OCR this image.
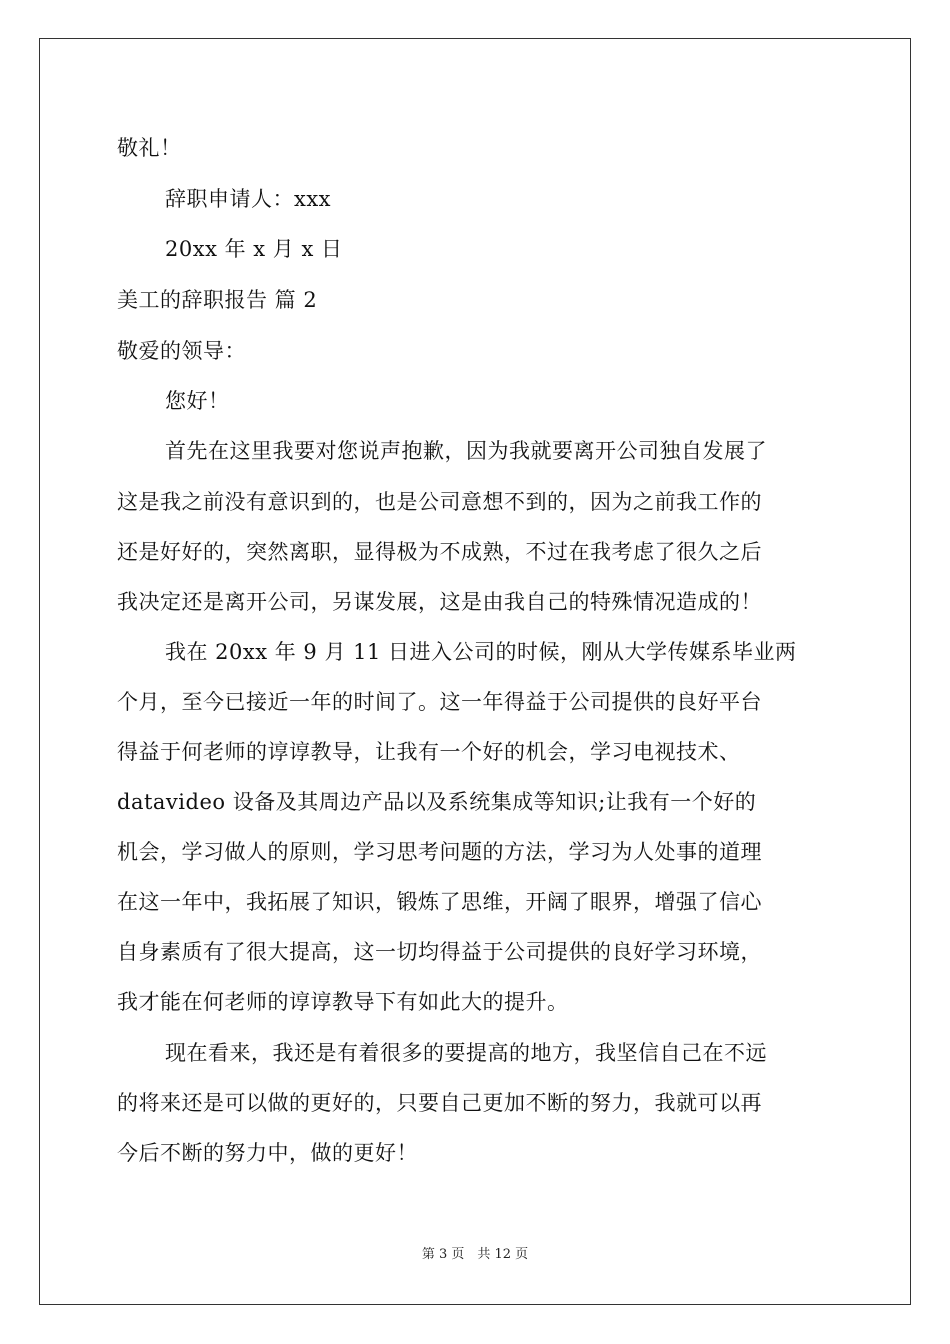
敬礼！
辞职申请人：xxx
20xx 年 x 月 x 日
美工的辞职报告 篇 2
敬爱的领导：
您好！
首先在这里我要对您说声抱歉，因为我就要离开公司独自发展了
这是我之前没有意识到的，也是公司意想不到的，因为之前我工作的
还是好好的，突然离职，显得极为不成熟，不过在我考虑了很久之后
我决定还是离开公司，另谋发展，这是由我自己的特殊情况造成的！
我在 20xx 年 9 月 11 日进入公司的时候，刚从大学传媒系毕业两
个月，至今已接近一年的时间了。这一年得益于公司提供的良好平台
得益于何老师的谆谆教导，让我有一个好的机会，学习电视技术、
datavideo 设备及其周边产品以及系统集成等知识;让我有一个好的
机会，学习做人的原则，学习思考问题的方法，学习为人处事的道理
在这一年中，我拓展了知识，锻炼了思维，开阔了眼界，增强了信心
自身素质有了很大提高，这一切均得益于公司提供的良好学习环境，
我才能在何老师的谆谆教导下有如此大的提升。
现在看来，我还是有着很多的要提高的地方，我坚信自己在不远
的将来还是可以做的更好的，只要自己更加不断的努力，我就可以再
今后不断的努力中，做的更好！
第 3 页　共 12 页
